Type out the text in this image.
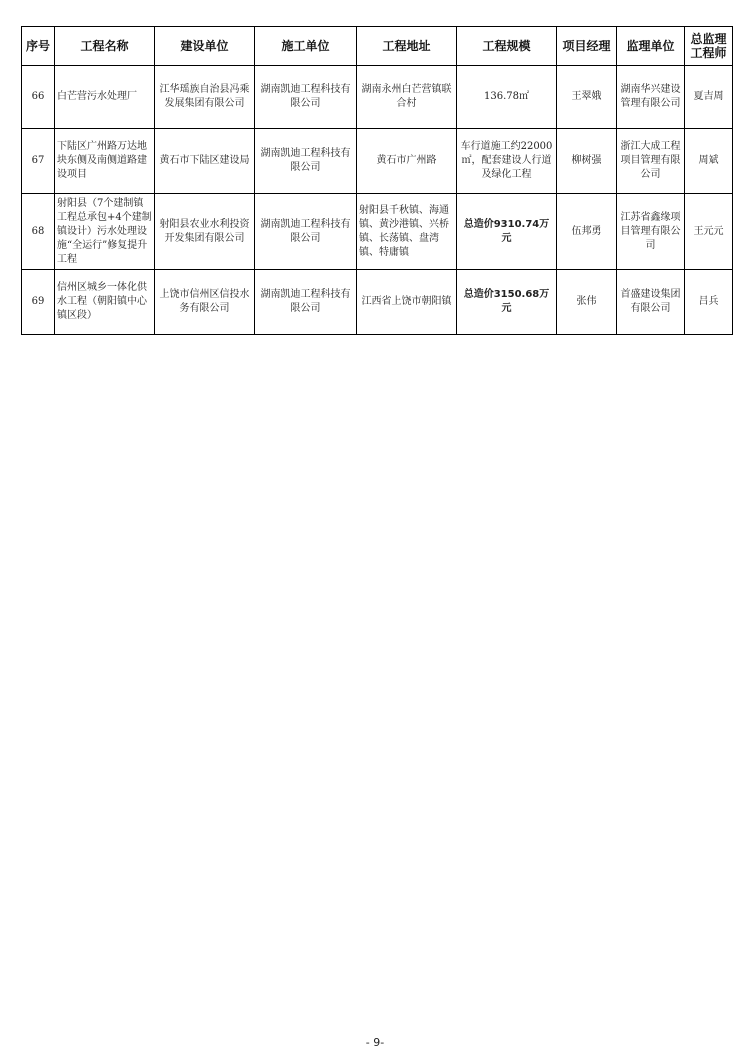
序号	工程名称	建设单位	施工单位	工程地址	工程规模	项目经理	监理单位	总监理工程师
66	白芒营污水处理厂	江华瑶族自治县冯乘发展集团有限公司	湖南凯迪工程科技有限公司	湖南永州白芒营镇联合村	136.78㎡	王翠娥	湖南华兴建设管理有限公司	夏吉周
67	下陆区广州路万达地块东侧及南侧道路建设项目	黄石市下陆区建设局	湖南凯迪工程科技有限公司	黄石市广州路	车行道施工约22000㎡，配套建设人行道及绿化工程	柳树强	浙江大成工程项目管理有限公司	周斌
68	射阳县（7个建制镇工程总承包+4个建制镇设计）污水处理设施“全运行”修复提升工程	射阳县农业水利投资开发集团有限公司	湖南凯迪工程科技有限公司	射阳县千秋镇、海通镇、黄沙港镇、兴桥镇、长荡镇、盘湾镇、特庸镇	总造价9310.74万元	伍邦勇	江苏省鑫缘项目管理有限公司	王元元
69	信州区城乡一体化供水工程（朝阳镇中心镇区段）	上饶市信州区信投水务有限公司	湖南凯迪工程科技有限公司	江西省上饶市朝阳镇	总造价3150.68万元	张伟	首盛建设集团有限公司	吕兵
- 9-
